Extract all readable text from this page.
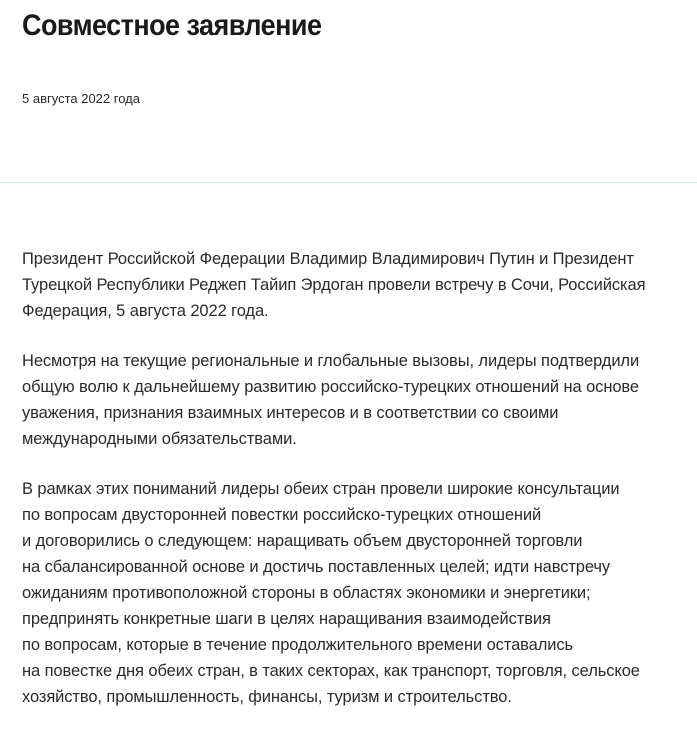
Совместное заявление

5 августа 2022 года

Президент Российской Федерации Владимир Владимирович Путин и Президент
Турецкой Республики Реджеп Тайип Эрдоган провели встречу в Сочи, Российская
Федерация, 5 августа 2022 года.

Несмотря на текущие региональные и глобальные вызовы, лидеры подтвердили
общую волю к дальнейшему развитию российско-турецких отношений на основе
уважения, признания взаимных интересов и в соответствии со своими
международными обязательствами.

В рамках этих пониманий лидеры обеих стран провели широкие консультации
по вопросам двусторонней повестки российско-турецких отношений
и договорились о следующем: наращивать объем двусторонней торговли
на сбалансированной основе и достичь поставленных целей; идти навстречу
ожиданиям противоположной стороны в областях экономики и энергетики;
предпринять конкретные шаги в целях наращивания взаимодействия
по вопросам, которые в течение продолжительного времени оставались
на повестке дня обеих стран, в таких секторах, как транспорт, торговля, сельское
хозяйство, промышленность, финансы, туризм и строительство.
